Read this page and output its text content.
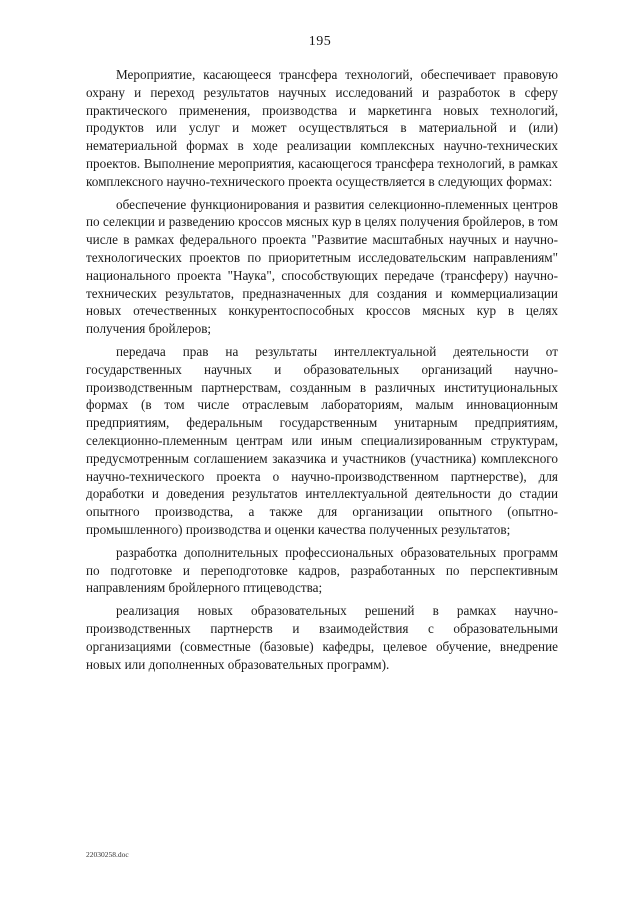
195

Мероприятие, касающееся трансфера технологий, обеспечивает правовую охрану и переход результатов научных исследований и разработок в сферу практического применения, производства и маркетинга новых технологий, продуктов или услуг и может осуществляться в материальной и (или) нематериальной формах в ходе реализации комплексных научно-технических проектов. Выполнение мероприятия, касающегося трансфера технологий, в рамках комплексного научно-технического проекта осуществляется в следующих формах:

обеспечение функционирования и развития селекционно-племенных центров по селекции и разведению кроссов мясных кур в целях получения бройлеров, в том числе в рамках федерального проекта "Развитие масштабных научных и научно-технологических проектов по приоритетным исследовательским направлениям" национального проекта "Наука", способствующих передаче (трансферу) научно-технических результатов, предназначенных для создания и коммерциализации новых отечественных конкурентоспособных кроссов мясных кур в целях получения бройлеров;

передача прав на результаты интеллектуальной деятельности от государственных научных и образовательных организаций научно-производственным партнерствам, созданным в различных институциональных формах (в том числе отраслевым лабораториям, малым инновационным предприятиям, федеральным государственным унитарным предприятиям, селекционно-племенным центрам или иным специализированным структурам, предусмотренным соглашением заказчика и участников (участника) комплексного научно-технического проекта о научно-производственном партнерстве), для доработки и доведения результатов интеллектуальной деятельности до стадии опытного производства, а также для организации опытного (опытно-промышленного) производства и оценки качества полученных результатов;

разработка дополнительных профессиональных образовательных программ по подготовке и переподготовке кадров, разработанных по перспективным направлениям бройлерного птицеводства;

реализация новых образовательных решений в рамках научно-производственных партнерств и взаимодействия с образовательными организациями (совместные (базовые) кафедры, целевое обучение, внедрение новых или дополненных образовательных программ).

22030258.doc
